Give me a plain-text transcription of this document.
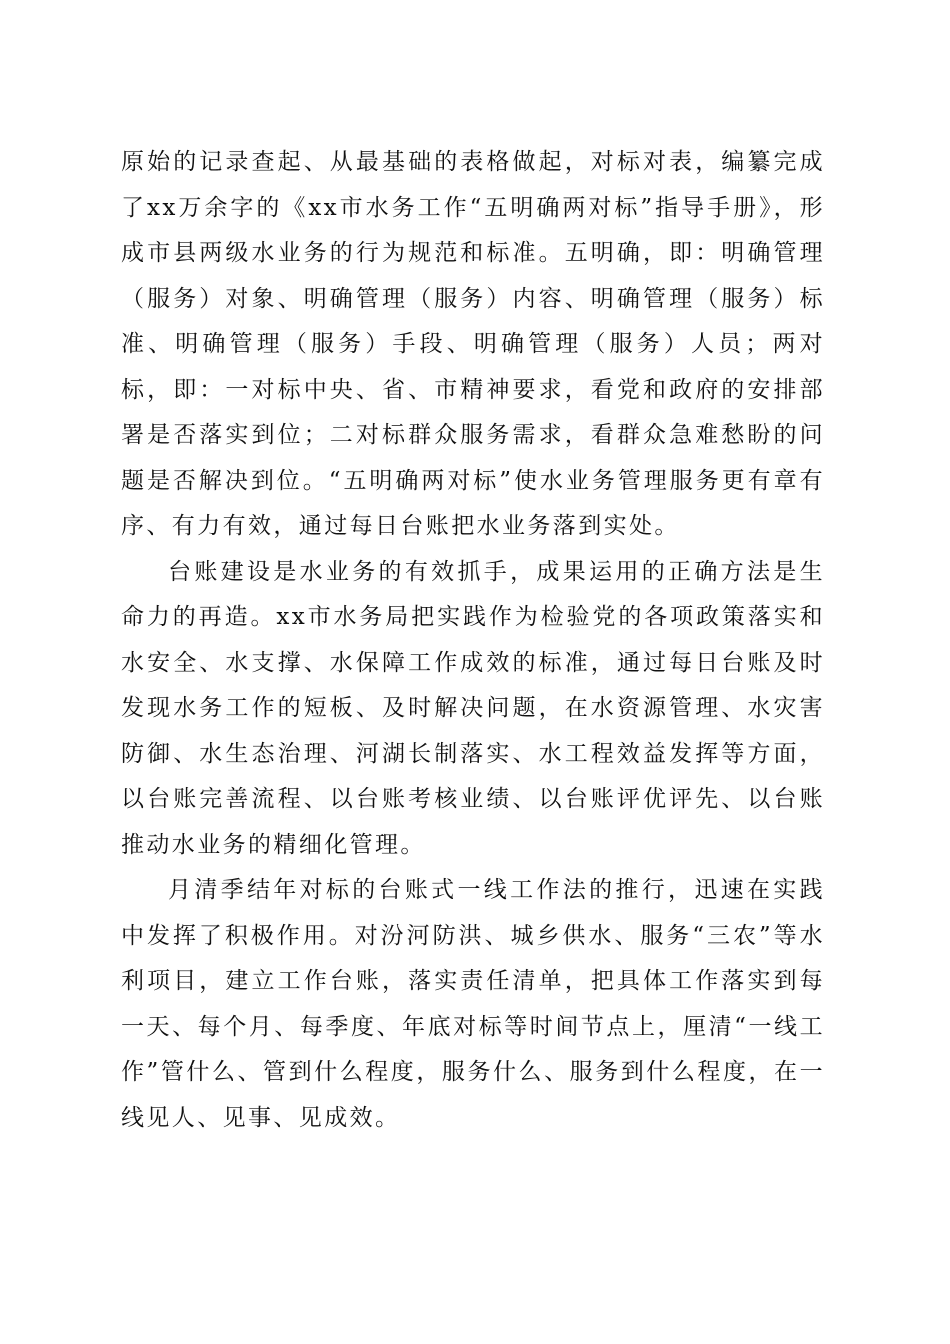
原始的记录查起、从最基础的表格做起，对标对表，编纂完成了xx万余字的《xx市水务工作“五明确两对标”指导手册》，形成市县两级水业务的行为规范和标准。五明确，即：明确管理（服务）对象、明确管理（服务）内容、明确管理（服务）标准、明确管理（服务）手段、明确管理（服务）人员；两对标，即：一对标中央、省、市精神要求，看党和政府的安排部署是否落实到位；二对标群众服务需求，看群众急难愁盼的问题是否解决到位。“五明确两对标”使水业务管理服务更有章有序、有力有效，通过每日台账把水业务落到实处。

台账建设是水业务的有效抓手，成果运用的正确方法是生命力的再造。xx市水务局把实践作为检验党的各项政策落实和水安全、水支撑、水保障工作成效的标准，通过每日台账及时发现水务工作的短板、及时解决问题，在水资源管理、水灾害防御、水生态治理、河湖长制落实、水工程效益发挥等方面，以台账完善流程、以台账考核业绩、以台账评优评先、以台账推动水业务的精细化管理。

月清季结年对标的台账式一线工作法的推行，迅速在实践中发挥了积极作用。对汾河防洪、城乡供水、服务“三农”等水利项目，建立工作台账，落实责任清单，把具体工作落实到每一天、每个月、每季度、年底对标等时间节点上，厘清“一线工作”管什么、管到什么程度，服务什么、服务到什么程度，在一线见人、见事、见成效。
